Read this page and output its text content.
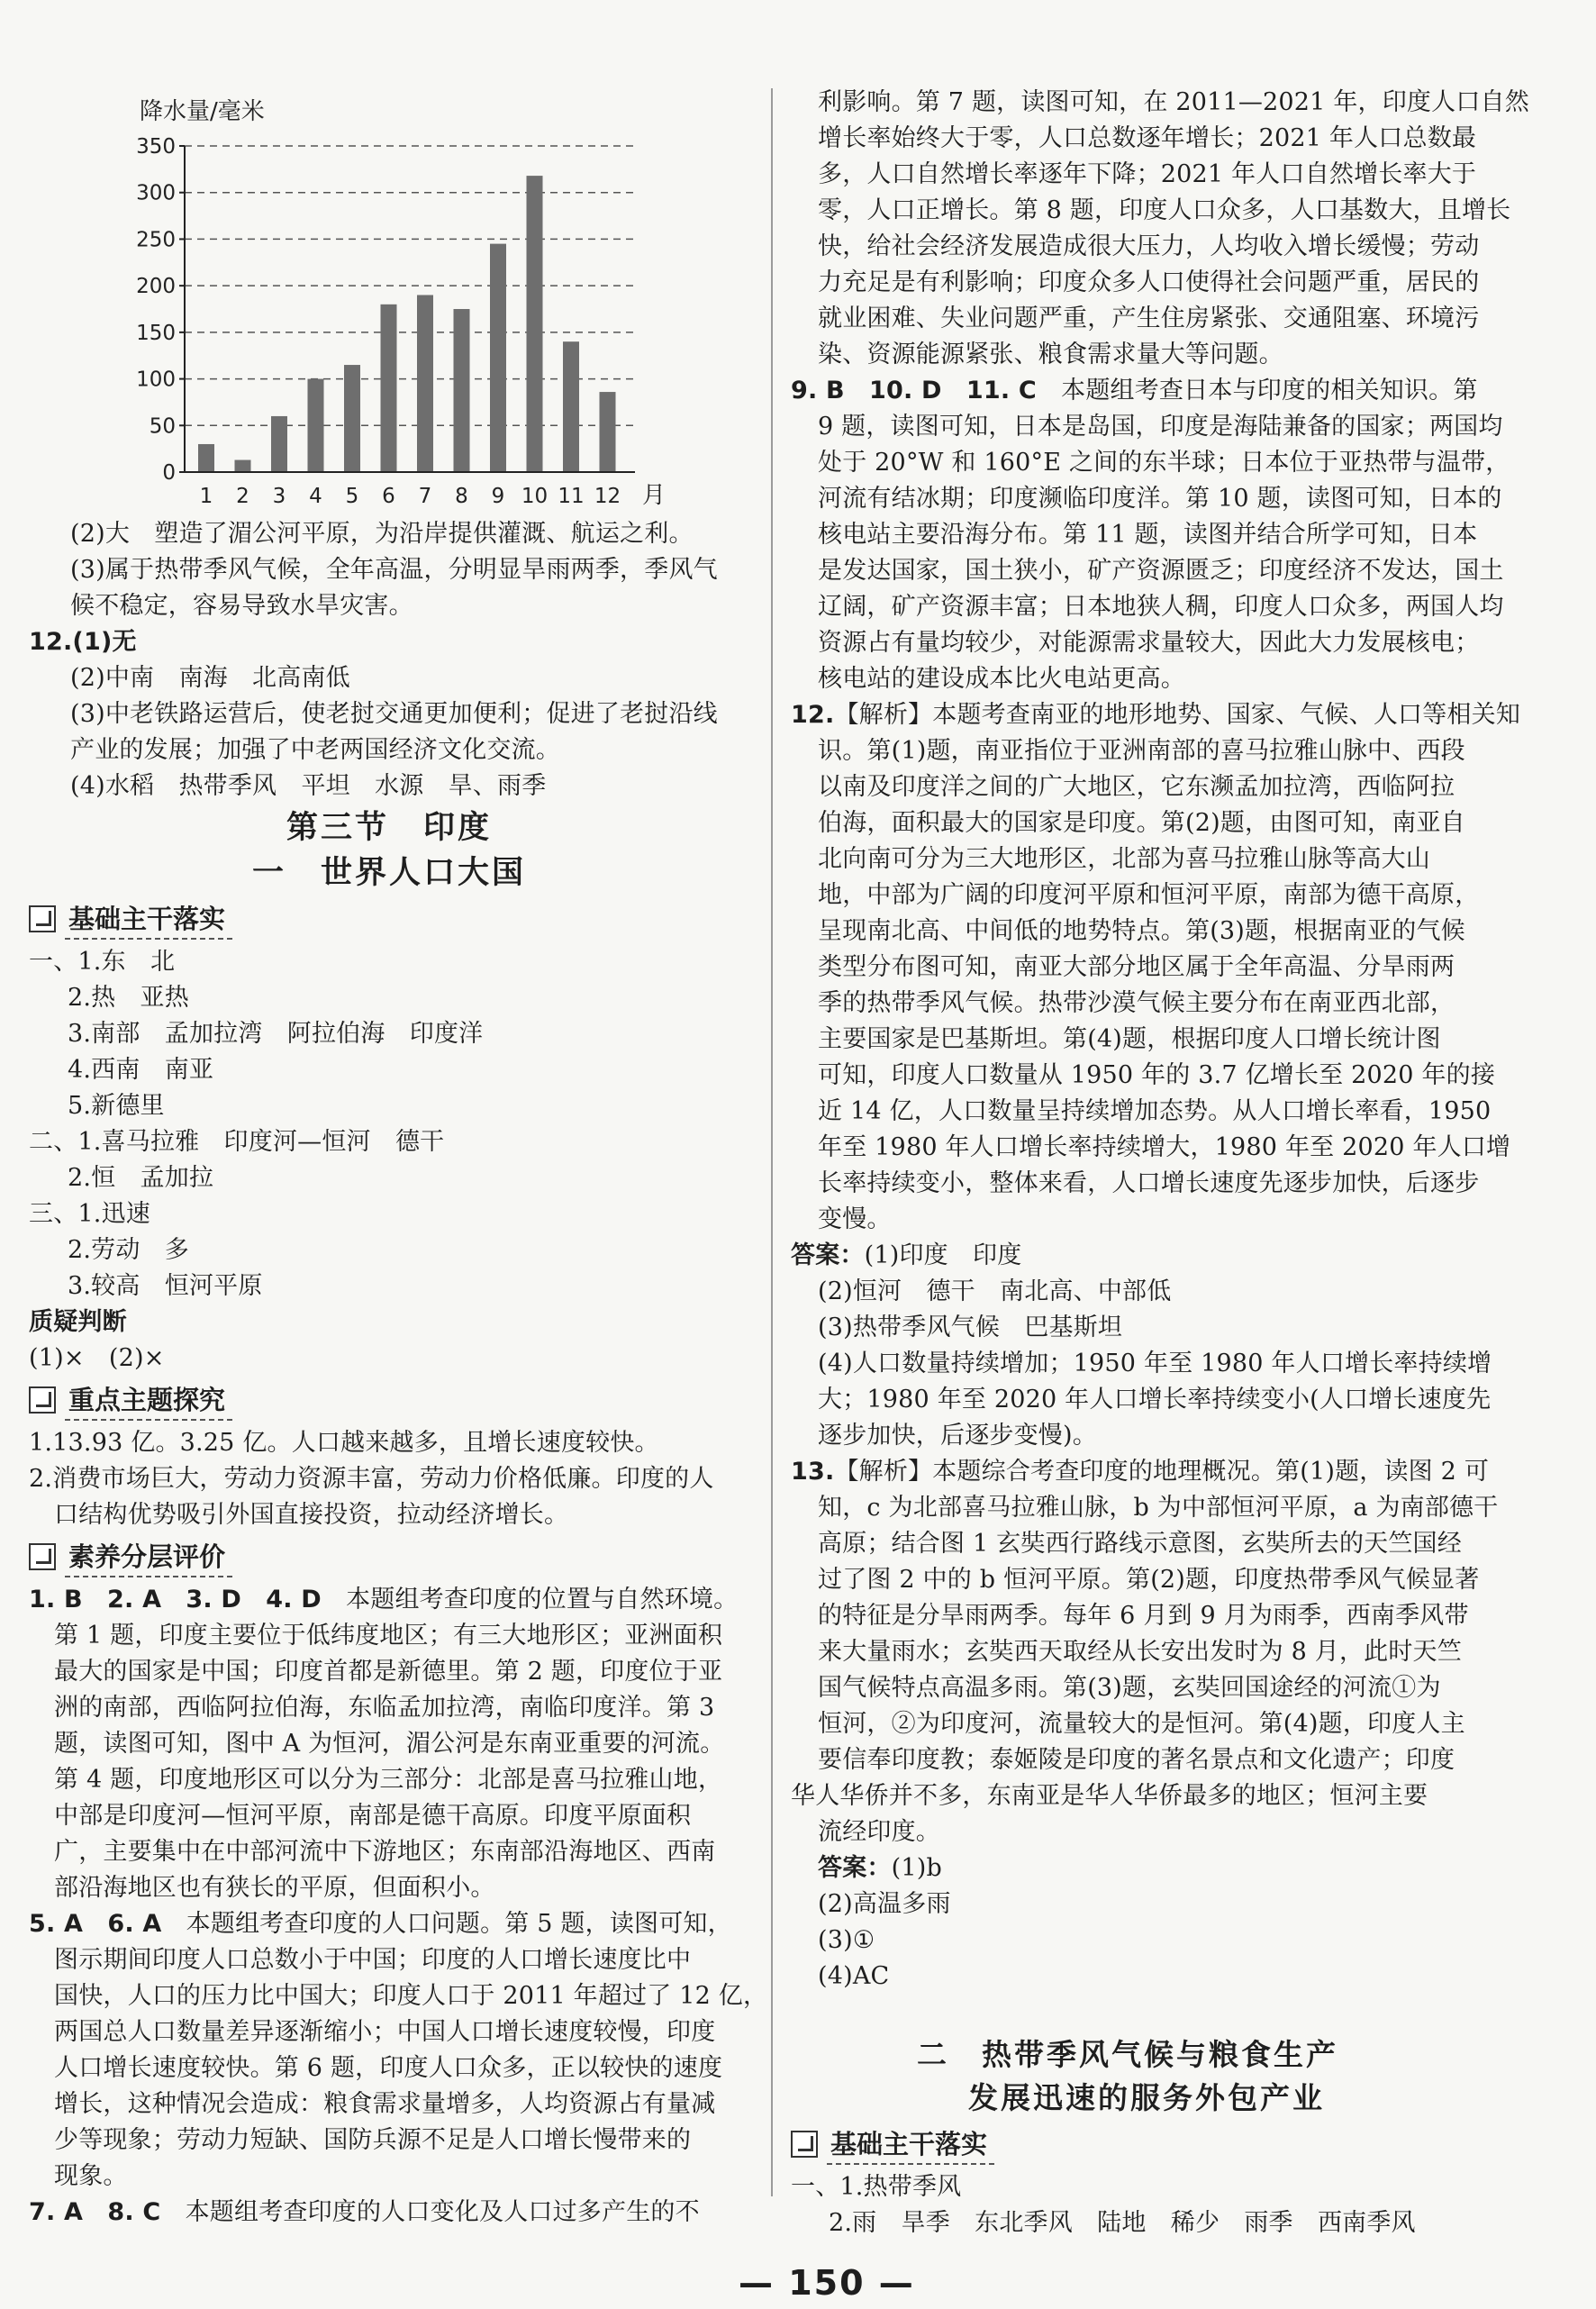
降水量/毫米
0
50
100
150
200
250
300
350
1 2 3 4 5 6 7 8 9 10 11 12 月
(2)大　塑造了湄公河平原，为沿岸提供灌溉、航运之利。
(3)属于热带季风气候，全年高温，分明显旱雨两季，季风气
候不稳定，容易导致水旱灾害。
12.(1)无
(2)中南　南海　北高南低
(3)中老铁路运营后，使老挝交通更加便利；促进了老挝沿线
产业的发展；加强了中老两国经济文化交流。
(4)水稻　热带季风　平坦　水源　旱、雨季
第三节　印度
一　世界人口大国
基础主干落实
一、1.东　北
2.热　亚热
3.南部　孟加拉湾　阿拉伯海　印度洋
4.西南　南亚
5.新德里
二、1.喜马拉雅　印度河—恒河　德干
2.恒　孟加拉
三、1.迅速
2.劳动　多
3.较高　恒河平原
质疑判断
(1)×　(2)×
重点主题探究
1.13.93 亿。3.25 亿。人口越来越多，且增长速度较快。
2.消费市场巨大，劳动力资源丰富，劳动力价格低廉。印度的人
口结构优势吸引外国直接投资，拉动经济增长。
素养分层评价
1. B　2. A　3. D　4. D　本题组考查印度的位置与自然环境。
第 1 题，印度主要位于低纬度地区；有三大地形区；亚洲面积
最大的国家是中国；印度首都是新德里。第 2 题，印度位于亚
洲的南部，西临阿拉伯海，东临孟加拉湾，南临印度洋。第 3
题，读图可知，图中 A 为恒河，湄公河是东南亚重要的河流。
第 4 题，印度地形区可以分为三部分：北部是喜马拉雅山地，
中部是印度河—恒河平原，南部是德干高原。印度平原面积
广，主要集中在中部河流中下游地区；东南部沿海地区、西南
部沿海地区也有狭长的平原，但面积小。
5. A　6. A　本题组考查印度的人口问题。第 5 题，读图可知，
图示期间印度人口总数小于中国；印度的人口增长速度比中
国快，人口的压力比中国大；印度人口于 2011 年超过了 12 亿，
两国总人口数量差异逐渐缩小；中国人口增长速度较慢，印度
人口增长速度较快。第 6 题，印度人口众多，正以较快的速度
增长，这种情况会造成：粮食需求量增多，人均资源占有量减
少等现象；劳动力短缺、国防兵源不足是人口增长慢带来的
现象。
7. A　8. C　本题组考查印度的人口变化及人口过多产生的不
利影响。第 7 题，读图可知，在 2011—2021 年，印度人口自然
增长率始终大于零，人口总数逐年增长；2021 年人口总数最
多，人口自然增长率逐年下降；2021 年人口自然增长率大于
零，人口正增长。第 8 题，印度人口众多，人口基数大，且增长
快，给社会经济发展造成很大压力，人均收入增长缓慢；劳动
力充足是有利影响；印度众多人口使得社会问题严重，居民的
就业困难、失业问题严重，产生住房紧张、交通阻塞、环境污
染、资源能源紧张、粮食需求量大等问题。
9. B　10. D　11. C　本题组考查日本与印度的相关知识。第
9 题，读图可知，日本是岛国，印度是海陆兼备的国家；两国均
处于 20°W 和 160°E 之间的东半球；日本位于亚热带与温带，
河流有结冰期；印度濒临印度洋。第 10 题，读图可知，日本的
核电站主要沿海分布。第 11 题，读图并结合所学可知，日本
是发达国家，国土狭小，矿产资源匮乏；印度经济不发达，国土
辽阔，矿产资源丰富；日本地狭人稠，印度人口众多，两国人均
资源占有量均较少，对能源需求量较大，因此大力发展核电；
核电站的建设成本比火电站更高。
12.【解析】本题考查南亚的地形地势、国家、气候、人口等相关知
识。第(1)题，南亚指位于亚洲南部的喜马拉雅山脉中、西段
以南及印度洋之间的广大地区，它东濒孟加拉湾，西临阿拉
伯海，面积最大的国家是印度。第(2)题，由图可知，南亚自
北向南可分为三大地形区，北部为喜马拉雅山脉等高大山
地，中部为广阔的印度河平原和恒河平原，南部为德干高原，
呈现南北高、中间低的地势特点。第(3)题，根据南亚的气候
类型分布图可知，南亚大部分地区属于全年高温、分旱雨两
季的热带季风气候。热带沙漠气候主要分布在南亚西北部，
主要国家是巴基斯坦。第(4)题，根据印度人口增长统计图
可知，印度人口数量从 1950 年的 3.7 亿增长至 2020 年的接
近 14 亿，人口数量呈持续增加态势。从人口增长率看，1950
年至 1980 年人口增长率持续增大，1980 年至 2020 年人口增
长率持续变小，整体来看，人口增长速度先逐步加快，后逐步
变慢。
答案：(1)印度　印度
(2)恒河　德干　南北高、中部低
(3)热带季风气候　巴基斯坦
(4)人口数量持续增加；1950 年至 1980 年人口增长率持续增
大；1980 年至 2020 年人口增长率持续变小(人口增长速度先
逐步加快，后逐步变慢)。
13.【解析】本题综合考查印度的地理概况。第(1)题，读图 2 可
知，c 为北部喜马拉雅山脉，b 为中部恒河平原，a 为南部德干
高原；结合图 1 玄奘西行路线示意图，玄奘所去的天竺国经
过了图 2 中的 b 恒河平原。第(2)题，印度热带季风气候显著
的特征是分旱雨两季。每年 6 月到 9 月为雨季，西南季风带
来大量雨水；玄奘西天取经从长安出发时为 8 月，此时天竺
国气候特点高温多雨。第(3)题，玄奘回国途经的河流①为
恒河，②为印度河，流量较大的是恒河。第(4)题，印度人主
要信奉印度教；泰姬陵是印度的著名景点和文化遗产；印度
华人华侨并不多，东南亚是华人华侨最多的地区；恒河主要
流经印度。
答案：(1)b
(2)高温多雨
(3)①
(4)AC
二　热带季风气候与粮食生产
发展迅速的服务外包产业
基础主干落实
一、1.热带季风
2.雨　旱季　东北季风　陆地　稀少　雨季　西南季风
— 150 —
